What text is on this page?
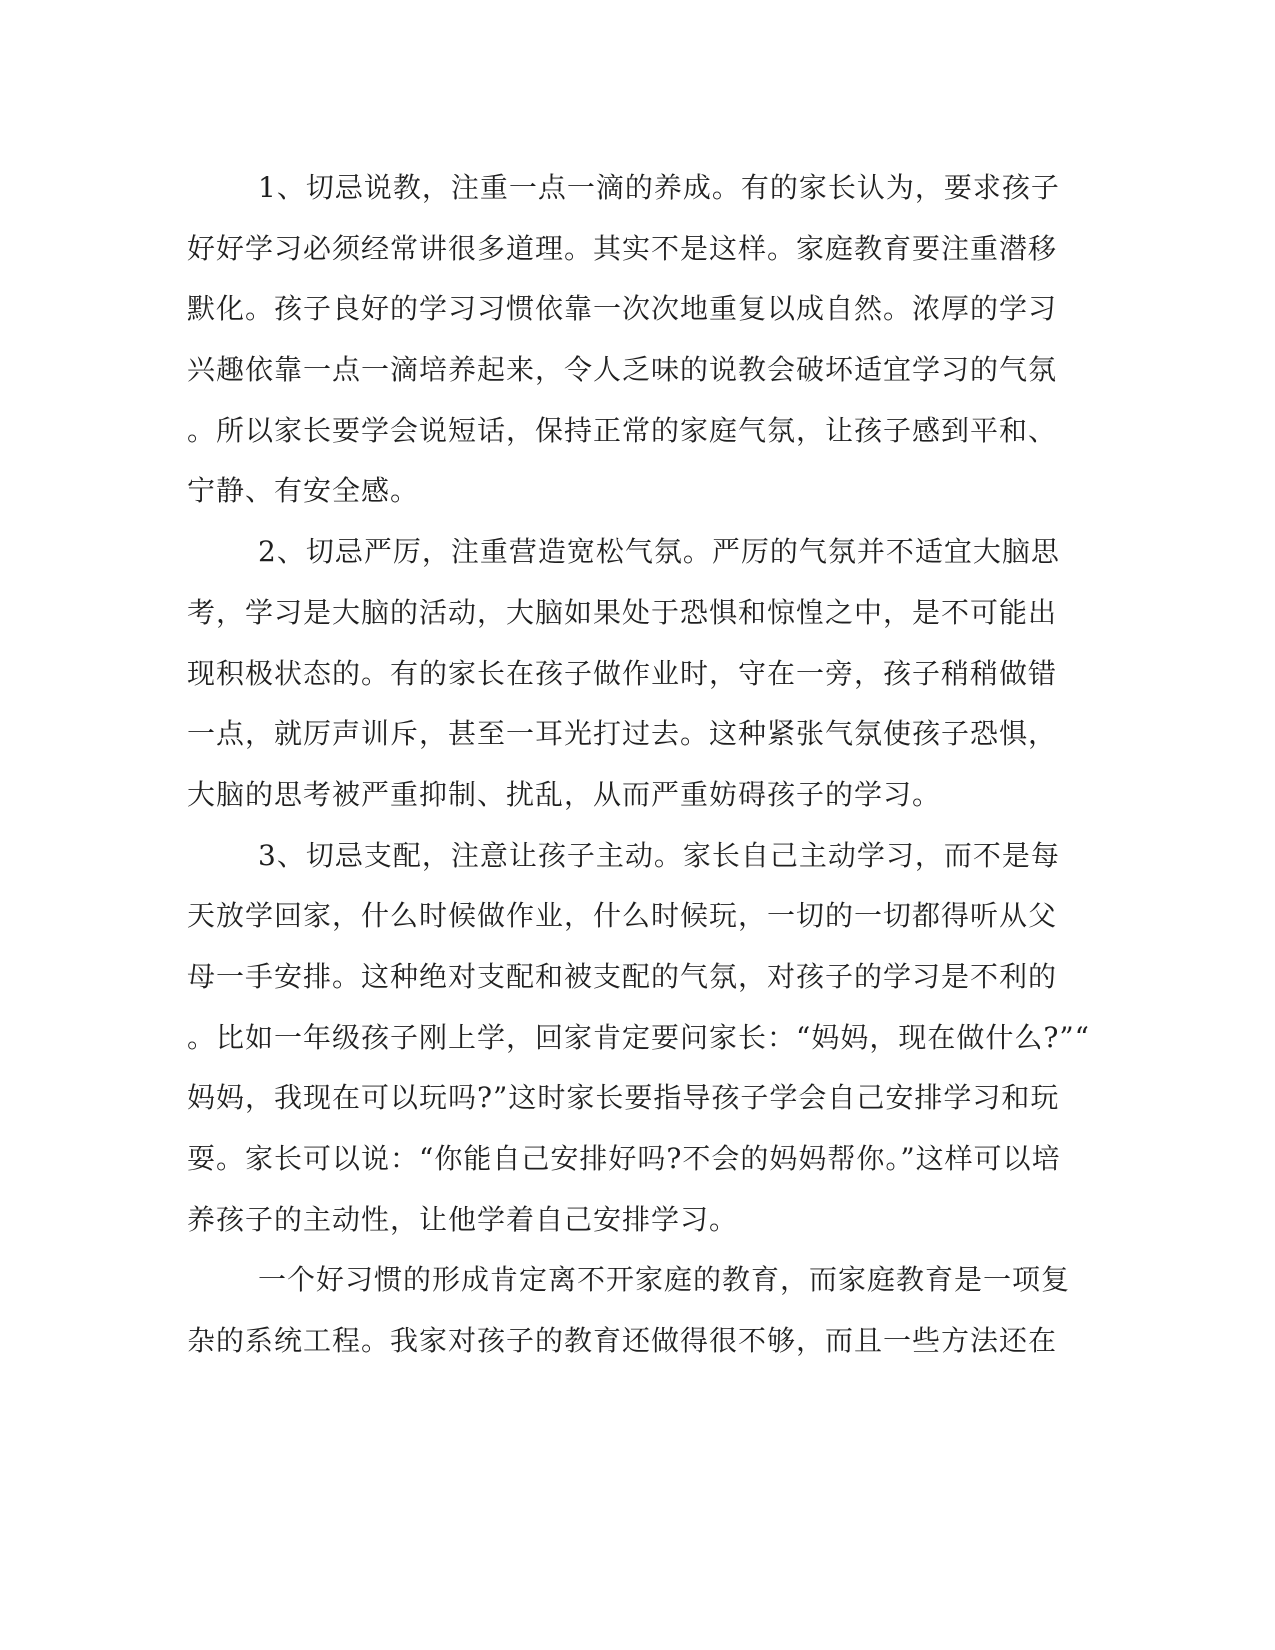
1、切忌说教，注重一点一滴的养成。有的家长认为，要求孩子
好好学习必须经常讲很多道理。其实不是这样。家庭教育要注重潜移
默化。孩子良好的学习习惯依靠一次次地重复以成自然。浓厚的学习
兴趣依靠一点一滴培养起来，令人乏味的说教会破坏适宜学习的气氛
。所以家长要学会说短话，保持正常的家庭气氛，让孩子感到平和、
宁静、有安全感。
2、切忌严厉，注重营造宽松气氛。严厉的气氛并不适宜大脑思
考，学习是大脑的活动，大脑如果处于恐惧和惊惶之中，是不可能出
现积极状态的。有的家长在孩子做作业时，守在一旁，孩子稍稍做错
一点，就厉声训斥，甚至一耳光打过去。这种紧张气氛使孩子恐惧，
大脑的思考被严重抑制、扰乱，从而严重妨碍孩子的学习。
3、切忌支配，注意让孩子主动。家长自己主动学习，而不是每
天放学回家，什么时候做作业，什么时候玩，一切的一切都得听从父
母一手安排。这种绝对支配和被支配的气氛，对孩子的学习是不利的
。比如一年级孩子刚上学，回家肯定要问家长：“妈妈，现在做什么?”“
妈妈，我现在可以玩吗?”这时家长要指导孩子学会自己安排学习和玩
耍。家长可以说：“你能自己安排好吗?不会的妈妈帮你。”这样可以培
养孩子的主动性，让他学着自己安排学习。
一个好习惯的形成肯定离不开家庭的教育，而家庭教育是一项复
杂的系统工程。我家对孩子的教育还做得很不够，而且一些方法还在
